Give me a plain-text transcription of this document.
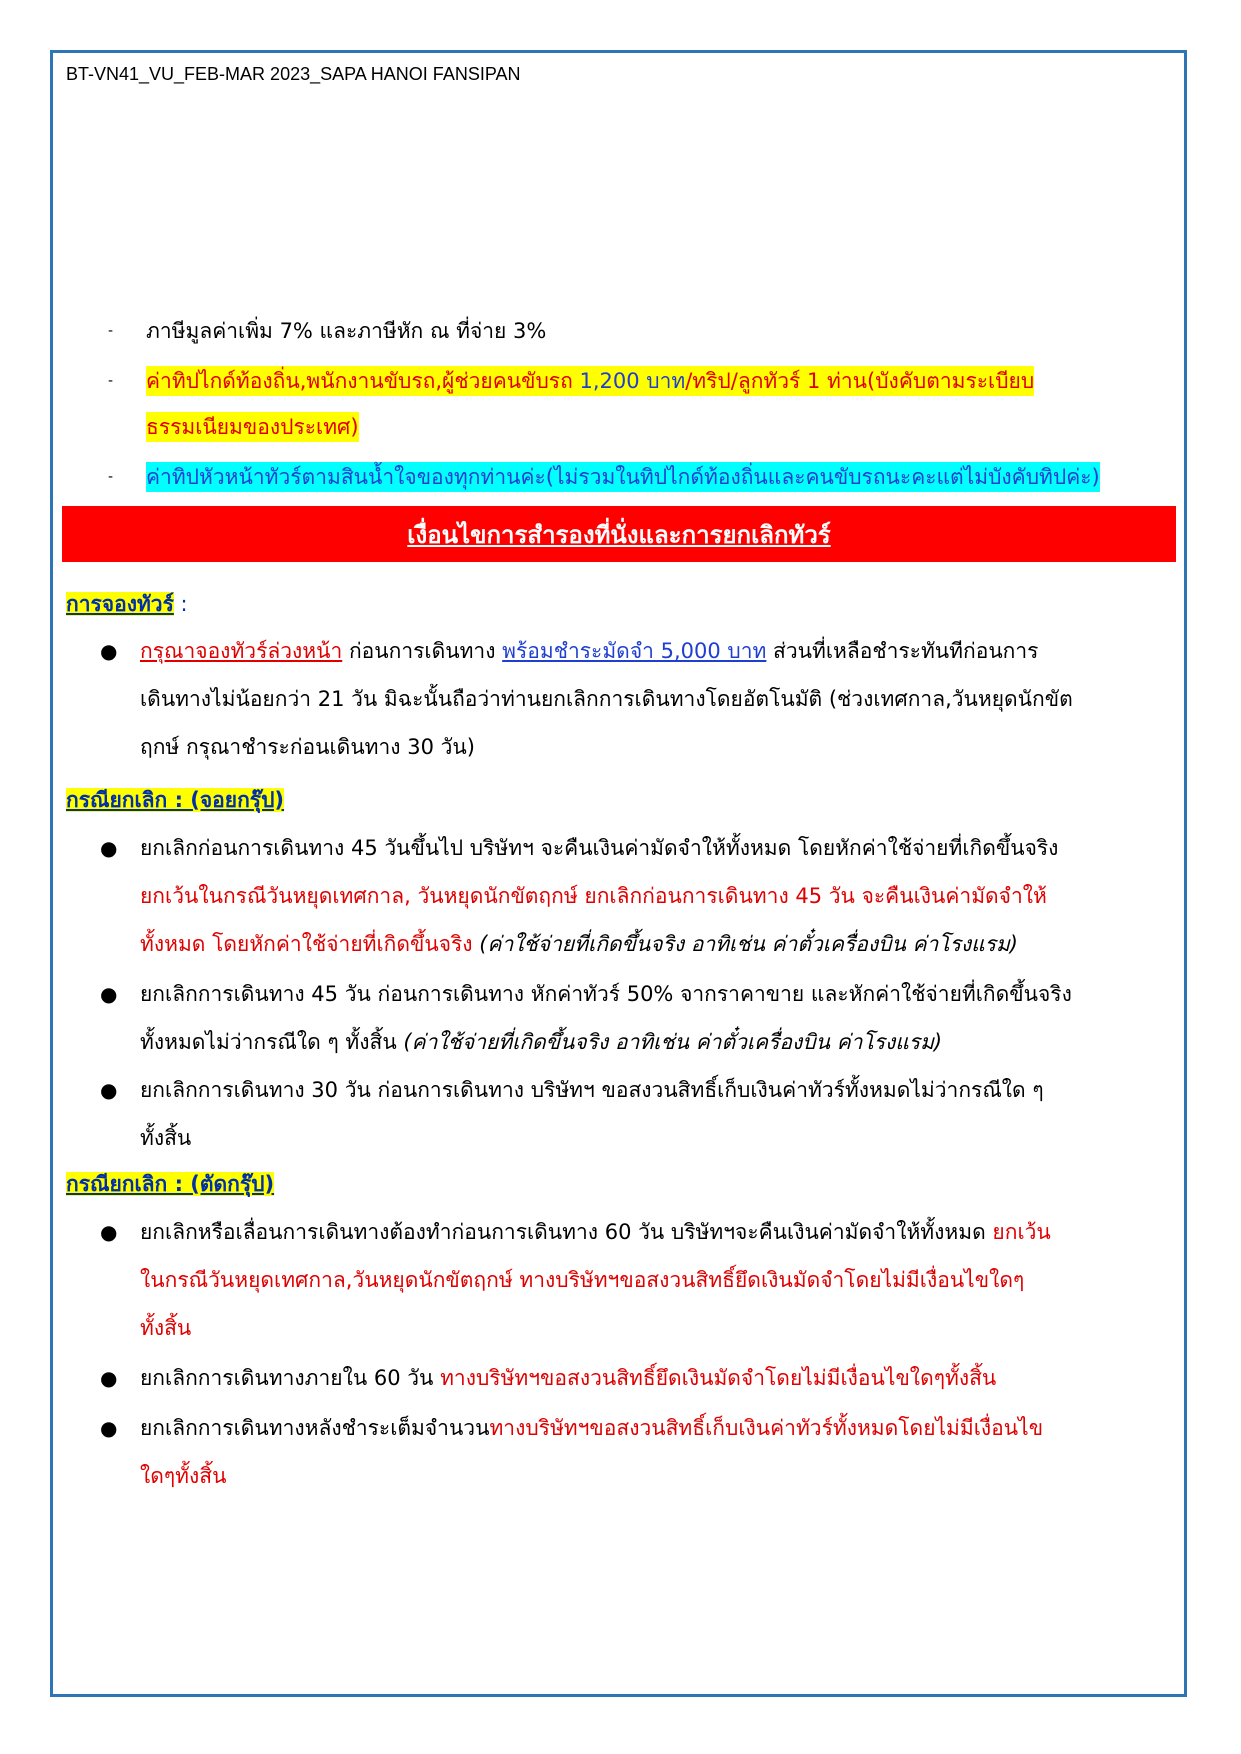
BT-VN41_VU_FEB-MAR 2023_SAPA HANOI FANSIPAN
- ภาษีมูลค่าเพิ่ม 7% และภาษีหัก ณ ที่จ่าย 3%
- ค่าทิปไกด์ท้องถิ่น,พนักงานขับรถ,ผู้ช่วยคนขับรถ 1,200 บาท/ทริป/ลูกทัวร์ 1 ท่าน(บังคับตามระเบียบ
ธรรมเนียมของประเทศ)
- ค่าทิปหัวหน้าทัวร์ตามสินน้ำใจของทุกท่านค่ะ(ไม่รวมในทิปไกด์ท้องถิ่นและคนขับรถนะคะแต่ไม่บังคับทิปค่ะ)
เงื่อนไขการสำรองที่นั่งและการยกเลิกทัวร์
การจองทัวร์ :
● กรุณาจองทัวร์ล่วงหน้า ก่อนการเดินทาง พร้อมชำระมัดจำ 5,000 บาท ส่วนที่เหลือชำระทันทีก่อนการ
เดินทางไม่น้อยกว่า 21 วัน มิฉะนั้นถือว่าท่านยกเลิกการเดินทางโดยอัตโนมัติ (ช่วงเทศกาล,วันหยุดนักขัต
ฤกษ์ กรุณาชำระก่อนเดินทาง 30 วัน)
กรณียกเลิก : (จอยกรุ๊ป)
● ยกเลิกก่อนการเดินทาง 45 วันขึ้นไป บริษัทฯ จะคืนเงินค่ามัดจำให้ทั้งหมด โดยหักค่าใช้จ่ายที่เกิดขึ้นจริง
ยกเว้นในกรณีวันหยุดเทศกาล, วันหยุดนักขัตฤกษ์ ยกเลิกก่อนการเดินทาง 45 วัน จะคืนเงินค่ามัดจำให้
ทั้งหมด โดยหักค่าใช้จ่ายที่เกิดขึ้นจริง (ค่าใช้จ่ายที่เกิดขึ้นจริง อาทิเช่น ค่าตั๋วเครื่องบิน ค่าโรงแรม)
● ยกเลิกการเดินทาง 45 วัน ก่อนการเดินทาง หักค่าทัวร์ 50% จากราคาขาย และหักค่าใช้จ่ายที่เกิดขึ้นจริง
ทั้งหมดไม่ว่ากรณีใด ๆ ทั้งสิ้น (ค่าใช้จ่ายที่เกิดขึ้นจริง อาทิเช่น ค่าตั๋วเครื่องบิน ค่าโรงแรม)
● ยกเลิกการเดินทาง 30 วัน ก่อนการเดินทาง บริษัทฯ ขอสงวนสิทธิ์เก็บเงินค่าทัวร์ทั้งหมดไม่ว่ากรณีใด ๆ
ทั้งสิ้น
กรณียกเลิก : (ตัดกรุ๊ป)
● ยกเลิกหรือเลื่อนการเดินทางต้องทำก่อนการเดินทาง 60 วัน บริษัทฯจะคืนเงินค่ามัดจำให้ทั้งหมด ยกเว้น
ในกรณีวันหยุดเทศกาล,วันหยุดนักขัตฤกษ์ ทางบริษัทฯขอสงวนสิทธิ์ยึดเงินมัดจำโดยไม่มีเงื่อนไขใดๆ
ทั้งสิ้น
● ยกเลิกการเดินทางภายใน 60 วัน ทางบริษัทฯขอสงวนสิทธิ์ยึดเงินมัดจำโดยไม่มีเงื่อนไขใดๆทั้งสิ้น
● ยกเลิกการเดินทางหลังชำระเต็มจำนวนทางบริษัทฯขอสงวนสิทธิ์เก็บเงินค่าทัวร์ทั้งหมดโดยไม่มีเงื่อนไข
ใดๆทั้งสิ้น
